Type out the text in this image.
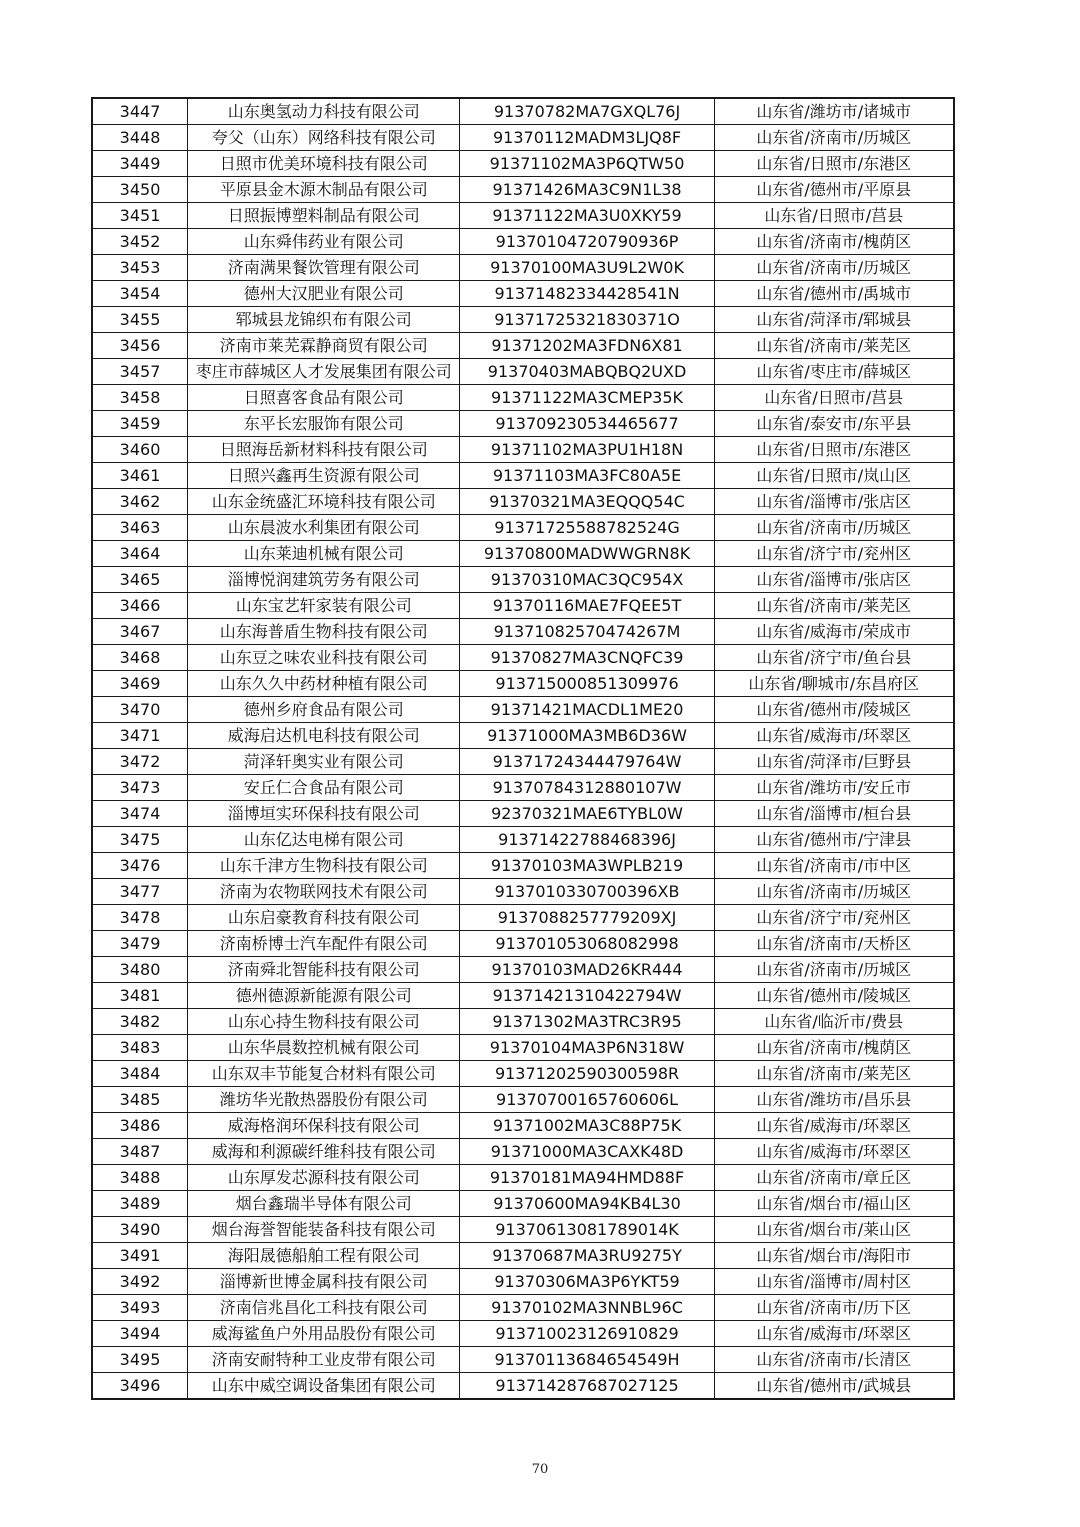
3447	山东奥氢动力科技有限公司	91370782MA7GXQL76J	山东省/潍坊市/诸城市
3448	夸父（山东）网络科技有限公司	91370112MADM3LJQ8F	山东省/济南市/历城区
3449	日照市优美环境科技有限公司	91371102MA3P6QTW50	山东省/日照市/东港区
3450	平原县金木源木制品有限公司	91371426MA3C9N1L38	山东省/德州市/平原县
3451	日照振博塑料制品有限公司	91371122MA3U0XKY59	山东省/日照市/莒县
3452	山东舜伟药业有限公司	91370104720790936P	山东省/济南市/槐荫区
3453	济南满果餐饮管理有限公司	91370100MA3U9L2W0K	山东省/济南市/历城区
3454	德州大汉肥业有限公司	91371482334428541N	山东省/德州市/禹城市
3455	郓城县龙锦织布有限公司	91371725321830371O	山东省/菏泽市/郓城县
3456	济南市莱芜霖静商贸有限公司	91371202MA3FDN6X81	山东省/济南市/莱芜区
3457	枣庄市薛城区人才发展集团有限公司	91370403MABQBQ2UXD	山东省/枣庄市/薛城区
3458	日照喜客食品有限公司	91371122MA3CMEP35K	山东省/日照市/莒县
3459	东平长宏服饰有限公司	913709230534465677	山东省/泰安市/东平县
3460	日照海岳新材料科技有限公司	91371102MA3PU1H18N	山东省/日照市/东港区
3461	日照兴鑫再生资源有限公司	91371103MA3FC80A5E	山东省/日照市/岚山区
3462	山东金统盛汇环境科技有限公司	91370321MA3EQQQ54C	山东省/淄博市/张店区
3463	山东晨波水利集团有限公司	91371725588782524G	山东省/济南市/历城区
3464	山东莱迪机械有限公司	91370800MADWWGRN8K	山东省/济宁市/兖州区
3465	淄博悦润建筑劳务有限公司	91370310MAC3QC954X	山东省/淄博市/张店区
3466	山东宝艺轩家装有限公司	91370116MAE7FQEE5T	山东省/济南市/莱芜区
3467	山东海普盾生物科技有限公司	91371082570474267M	山东省/威海市/荣成市
3468	山东豆之味农业科技有限公司	91370827MA3CNQFC39	山东省/济宁市/鱼台县
3469	山东久久中药材种植有限公司	913715000851309976	山东省/聊城市/东昌府区
3470	德州乡府食品有限公司	91371421MACDL1ME20	山东省/德州市/陵城区
3471	威海启达机电科技有限公司	91371000MA3MB6D36W	山东省/威海市/环翠区
3472	菏泽轩奥实业有限公司	91371724344479764W	山东省/菏泽市/巨野县
3473	安丘仁合食品有限公司	91370784312880107W	山东省/潍坊市/安丘市
3474	淄博垣实环保科技有限公司	92370321MAE6TYBL0W	山东省/淄博市/桓台县
3475	山东亿达电梯有限公司	91371422788468396J	山东省/德州市/宁津县
3476	山东千津方生物科技有限公司	91370103MA3WPLB219	山东省/济南市/市中区
3477	济南为农物联网技术有限公司	9137010330700396XB	山东省/济南市/历城区
3478	山东启豪教育科技有限公司	9137088257779209XJ	山东省/济宁市/兖州区
3479	济南桥博士汽车配件有限公司	913701053068082998	山东省/济南市/天桥区
3480	济南舜北智能科技有限公司	91370103MAD26KR444	山东省/济南市/历城区
3481	德州德源新能源有限公司	91371421310422794W	山东省/德州市/陵城区
3482	山东心持生物科技有限公司	91371302MA3TRC3R95	山东省/临沂市/费县
3483	山东华晨数控机械有限公司	91370104MA3P6N318W	山东省/济南市/槐荫区
3484	山东双丰节能复合材料有限公司	91371202590300598R	山东省/济南市/莱芜区
3485	潍坊华光散热器股份有限公司	91370700165760606L	山东省/潍坊市/昌乐县
3486	威海格润环保科技有限公司	91371002MA3C88P75K	山东省/威海市/环翠区
3487	威海和利源碳纤维科技有限公司	91371000MA3CAXK48D	山东省/威海市/环翠区
3488	山东厚发芯源科技有限公司	91370181MA94HMD88F	山东省/济南市/章丘区
3489	烟台鑫瑞半导体有限公司	91370600MA94KB4L30	山东省/烟台市/福山区
3490	烟台海誉智能装备科技有限公司	91370613081789014K	山东省/烟台市/莱山区
3491	海阳晟德船舶工程有限公司	91370687MA3RU9275Y	山东省/烟台市/海阳市
3492	淄博新世博金属科技有限公司	91370306MA3P6YKT59	山东省/淄博市/周村区
3493	济南信兆昌化工科技有限公司	91370102MA3NNBL96C	山东省/济南市/历下区
3494	威海鲨鱼户外用品股份有限公司	913710023126910829	山东省/威海市/环翠区
3495	济南安耐特种工业皮带有限公司	91370113684654549H	山东省/济南市/长清区
3496	山东中威空调设备集团有限公司	913714287687027125	山东省/德州市/武城县
70
